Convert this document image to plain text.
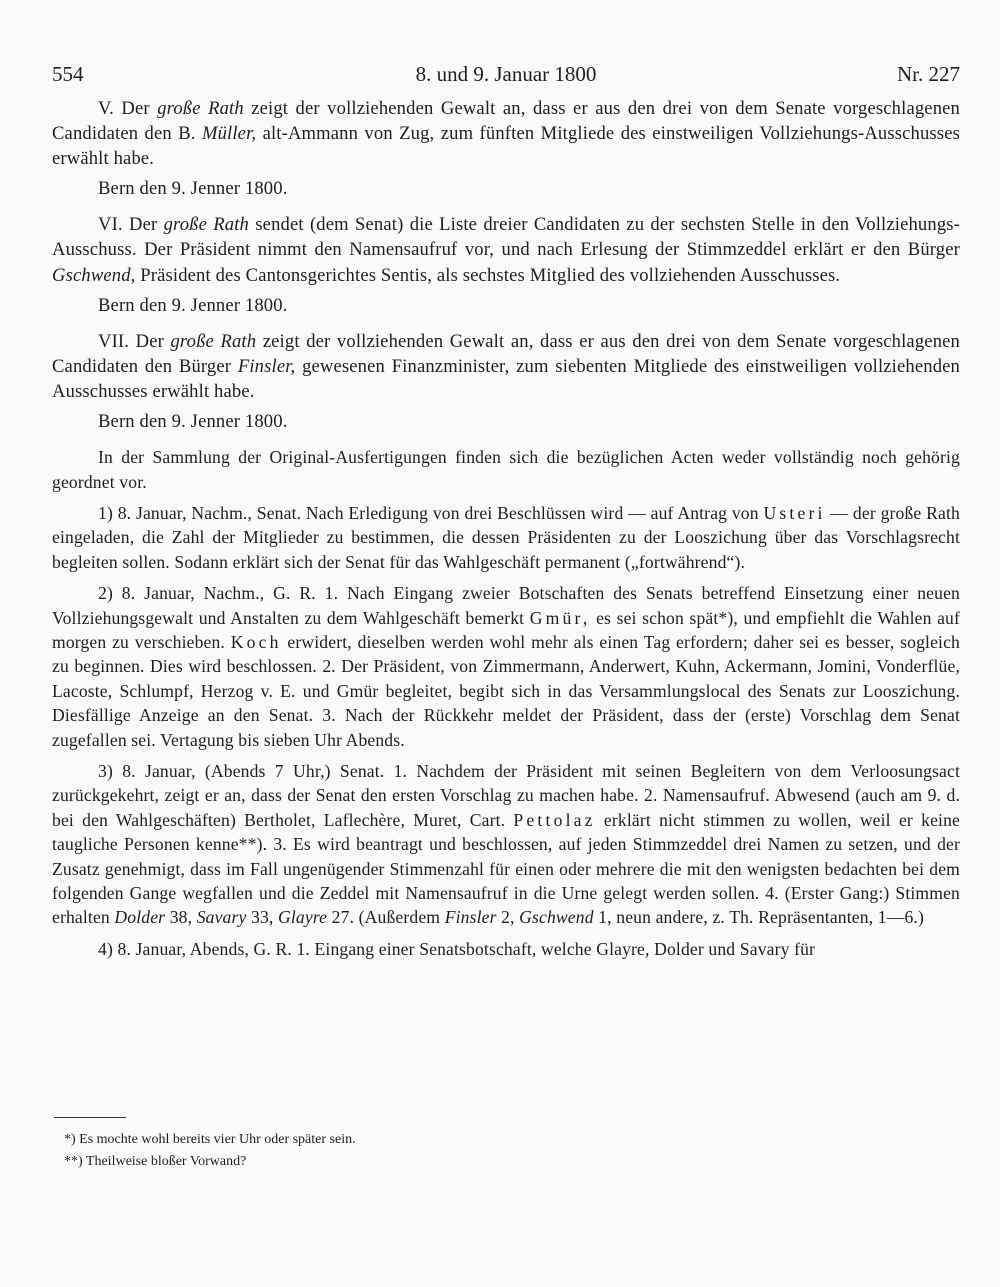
554	8. und 9. Januar 1800	Nr. 227

V. Der große Rath zeigt der vollziehenden Gewalt an, dass er aus den drei von dem Senate vorgeschlagenen Candidaten den B. Müller, alt-Ammann von Zug, zum fünften Mitgliede des einstweiligen Vollziehungs-Ausschusses erwählt habe.

Bern den 9. Jenner 1800.

VI. Der große Rath sendet (dem Senat) die Liste dreier Candidaten zu der sechsten Stelle in den Vollziehungs-Ausschuss. Der Präsident nimmt den Namensaufruf vor, und nach Erlesung der Stimmzeddel erklärt er den Bürger Gschwend, Präsident des Cantonsgerichtes Sentis, als sechstes Mitglied des vollziehenden Ausschusses.

Bern den 9. Jenner 1800.

VII. Der große Rath zeigt der vollziehenden Gewalt an, dass er aus den drei von dem Senate vorgeschlagenen Candidaten den Bürger Finsler, gewesenen Finanzminister, zum siebenten Mitgliede des einstweiligen vollziehenden Ausschusses erwählt habe.

Bern den 9. Jenner 1800.

In der Sammlung der Original-Ausfertigungen finden sich die bezüglichen Acten weder vollständig noch gehörig geordnet vor.

1) 8. Januar, Nachm., Senat. Nach Erledigung von drei Beschlüssen wird — auf Antrag von Usteri — der große Rath eingeladen, die Zahl der Mitglieder zu bestimmen, die dessen Präsidenten zu der Looszichung über das Vorschlagsrecht begleiten sollen. Sodann erklärt sich der Senat für das Wahlgeschäft permanent („fortwährend“).

2) 8. Januar, Nachm., G. R. 1. Nach Eingang zweier Botschaften des Senats betreffend Einsetzung einer neuen Vollziehungsgewalt und Anstalten zu dem Wahlgeschäft bemerkt Gmür, es sei schon spät*), und empfiehlt die Wahlen auf morgen zu verschieben. Koch erwidert, dieselben werden wohl mehr als einen Tag erfordern; daher sei es besser, sogleich zu beginnen. Dies wird beschlossen. 2. Der Präsident, von Zimmermann, Anderwert, Kuhn, Ackermann, Jomini, Vonderflüe, Lacoste, Schlumpf, Herzog v. E. und Gmür begleitet, begibt sich in das Versammlungslocal des Senats zur Looszichung. Diesfällige Anzeige an den Senat. 3. Nach der Rückkehr meldet der Präsident, dass der (erste) Vorschlag dem Senat zugefallen sei. Vertagung bis sieben Uhr Abends.

3) 8. Januar, (Abends 7 Uhr,) Senat. 1. Nachdem der Präsident mit seinen Begleitern von dem Verloosungsact zurückgekehrt, zeigt er an, dass der Senat den ersten Vorschlag zu machen habe. 2. Namensaufruf. Abwesend (auch am 9. d. bei den Wahlgeschäften) Bertholet, Laflechère, Muret, Cart. Pettolaz erklärt nicht stimmen zu wollen, weil er keine taugliche Personen kenne**). 3. Es wird beantragt und beschlossen, auf jeden Stimmzeddel drei Namen zu setzen, und der Zusatz genehmigt, dass im Fall ungenügender Stimmenzahl für einen oder mehrere die mit den wenigsten bedachten bei dem folgenden Gange wegfallen und die Zeddel mit Namensaufruf in die Urne gelegt werden sollen. 4. (Erster Gang:) Stimmen erhalten Dolder 38, Savary 33, Glayre 27. (Außerdem Finsler 2, Gschwend 1, neun andere, z. Th. Repräsentanten, 1—6.)

4) 8. Januar, Abends, G. R. 1. Eingang einer Senatsbotschaft, welche Glayre, Dolder und Savary für

*) Es mochte wohl bereits vier Uhr oder später sein.
**) Theilweise bloßer Vorwand?
